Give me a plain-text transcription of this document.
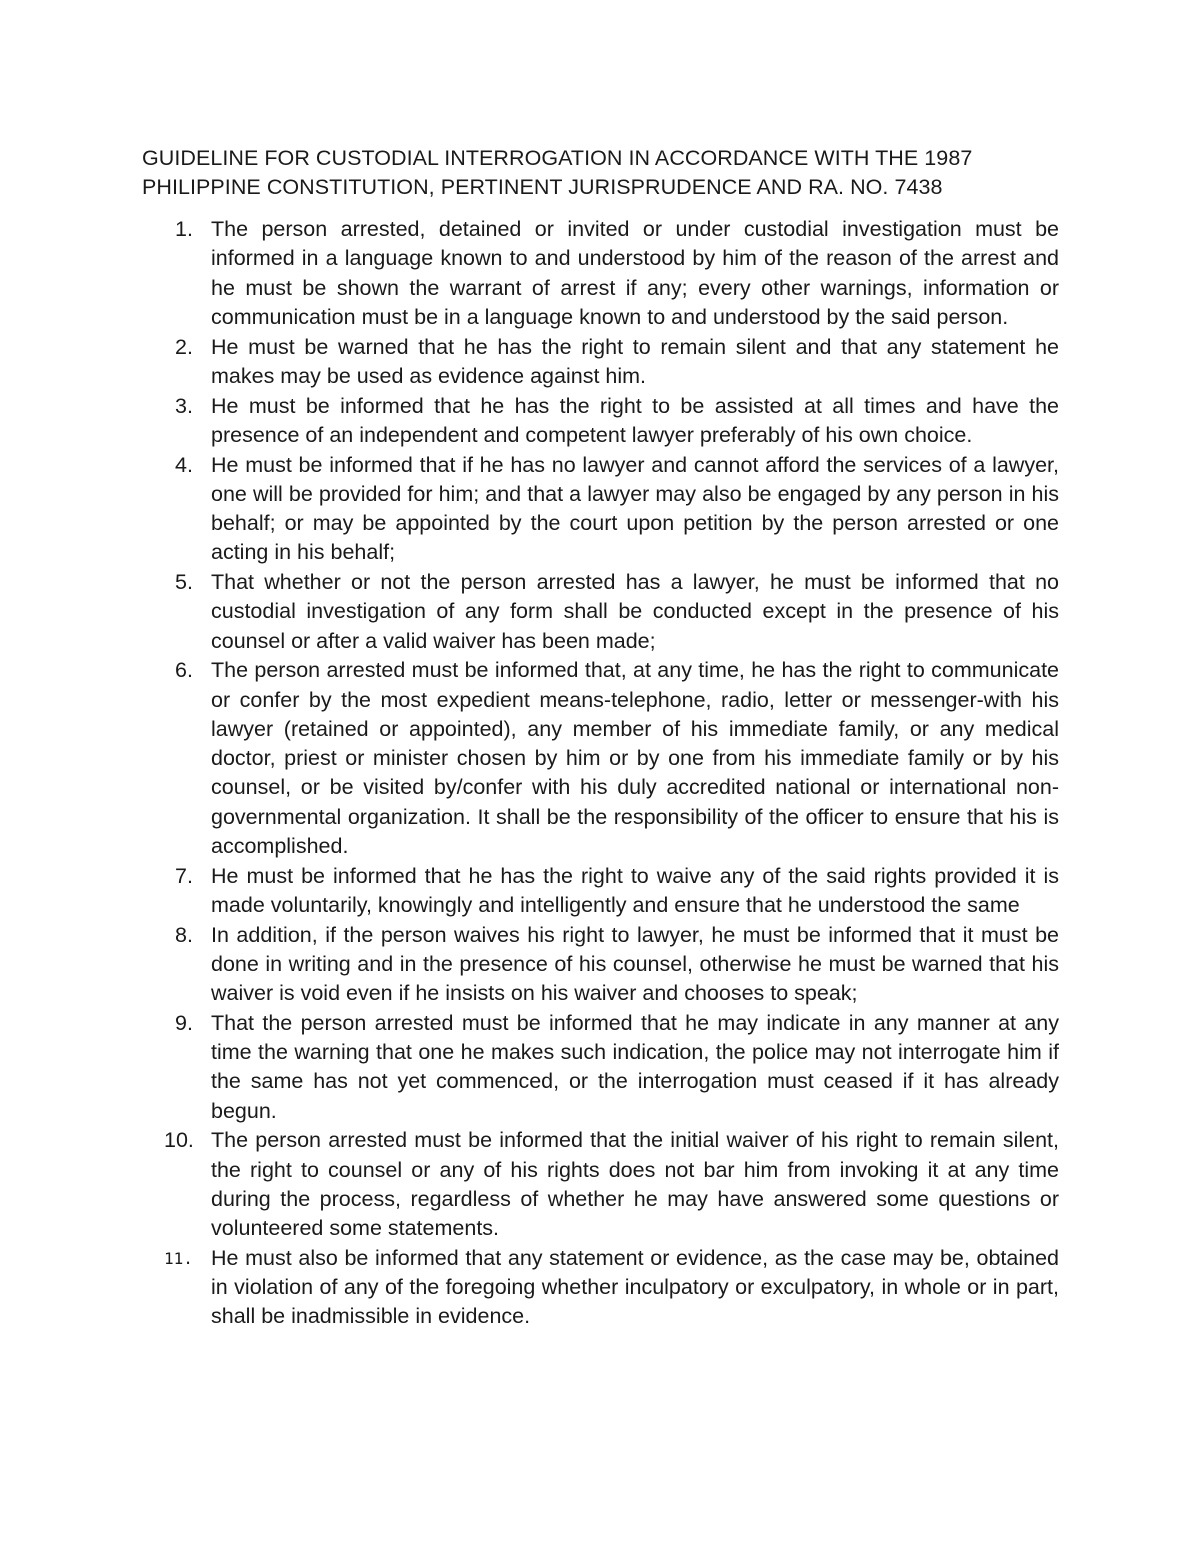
GUIDELINE FOR CUSTODIAL INTERROGATION IN ACCORDANCE WITH THE 1987
PHILIPPINE CONSTITUTION, PERTINENT JURISPRUDENCE AND RA. NO. 7438
1. The person arrested, detained or invited or under custodial investigation must be informed in a language known to and understood by him of the reason of the arrest and he must be shown the warrant of arrest if any; every other warnings, information or communication must be in a language known to and understood by the said person.
2. He must be warned that he has the right to remain silent and that any statement he makes may be used as evidence against him.
3. He must be informed that he has the right to be assisted at all times and have the presence of an independent and competent lawyer preferably of his own choice.
4. He must be informed that if he has no lawyer and cannot afford the services of a lawyer, one will be provided for him; and that a lawyer may also be engaged by any person in his behalf; or may be appointed by the court upon petition by the person arrested or one acting in his behalf;
5. That whether or not the person arrested has a lawyer, he must be informed that no custodial investigation of any form shall be conducted except in the presence of his counsel or after a valid waiver has been made;
6. The person arrested must be informed that, at any time, he has the right to communicate or confer by the most expedient means-telephone, radio, letter or messenger-with his lawyer (retained or appointed), any member of his immediate family, or any medical doctor, priest or minister chosen by him or by one from his immediate family or by his counsel, or be visited by/confer with his duly accredited national or international non-governmental organization. It shall be the responsibility of the officer to ensure that his is accomplished.
7. He must be informed that he has the right to waive any of the said rights provided it is made voluntarily, knowingly and intelligently and ensure that he understood the same
8. In addition, if the person waives his right to lawyer, he must be informed that it must be done in writing and in the presence of his counsel, otherwise he must be warned that his waiver is void even if he insists on his waiver and chooses to speak;
9. That the person arrested must be informed that he may indicate in any manner at any time the warning that one he makes such indication, the police may not interrogate him if the same has not yet commenced, or the interrogation must ceased if it has already begun.
10. The person arrested must be informed that the initial waiver of his right to remain silent, the right to counsel or any of his rights does not bar him from invoking it at any time during the process, regardless of whether he may have answered some questions or volunteered some statements.
11. He must also be informed that any statement or evidence, as the case may be, obtained in violation of any of the foregoing whether inculpatory or exculpatory, in whole or in part, shall be inadmissible in evidence.
